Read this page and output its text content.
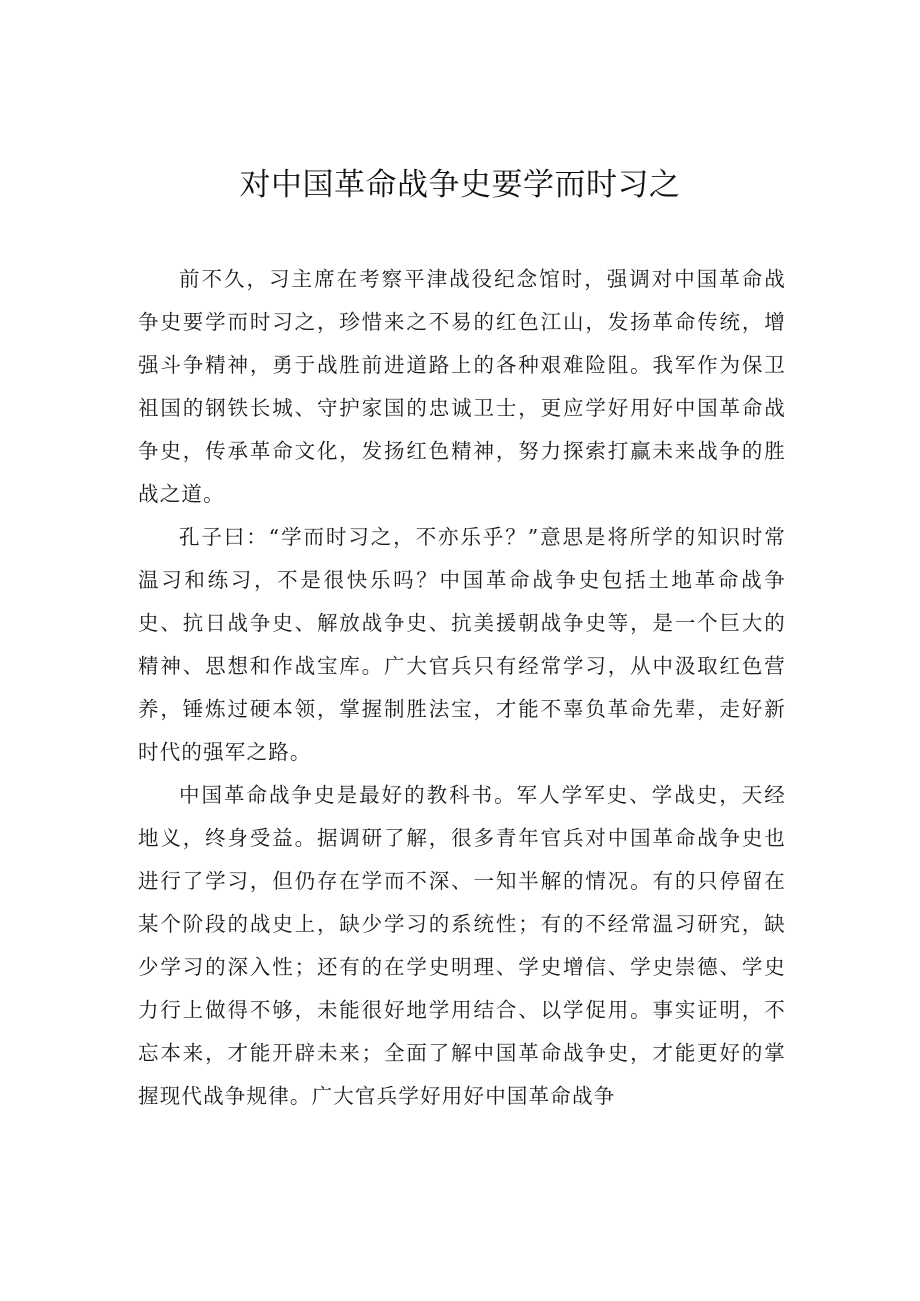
对中国革命战争史要学而时习之

前不久，习主席在考察平津战役纪念馆时，强调对中国革命战争史要学而时习之，珍惜来之不易的红色江山，发扬革命传统，增强斗争精神，勇于战胜前进道路上的各种艰难险阻。我军作为保卫祖国的钢铁长城、守护家国的忠诚卫士，更应学好用好中国革命战争史，传承革命文化，发扬红色精神，努力探索打赢未来战争的胜战之道。

孔子曰：“学而时习之，不亦乐乎？”意思是将所学的知识时常温习和练习，不是很快乐吗？中国革命战争史包括土地革命战争史、抗日战争史、解放战争史、抗美援朝战争史等，是一个巨大的精神、思想和作战宝库。广大官兵只有经常学习，从中汲取红色营养，锤炼过硬本领，掌握制胜法宝，才能不辜负革命先辈，走好新时代的强军之路。

中国革命战争史是最好的教科书。军人学军史、学战史，天经地义，终身受益。据调研了解，很多青年官兵对中国革命战争史也进行了学习，但仍存在学而不深、一知半解的情况。有的只停留在某个阶段的战史上，缺少学习的系统性；有的不经常温习研究，缺少学习的深入性；还有的在学史明理、学史增信、学史崇德、学史力行上做得不够，未能很好地学用结合、以学促用。事实证明，不忘本来，才能开辟未来；全面了解中国革命战争史，才能更好的掌握现代战争规律。广大官兵学好用好中国革命战争
